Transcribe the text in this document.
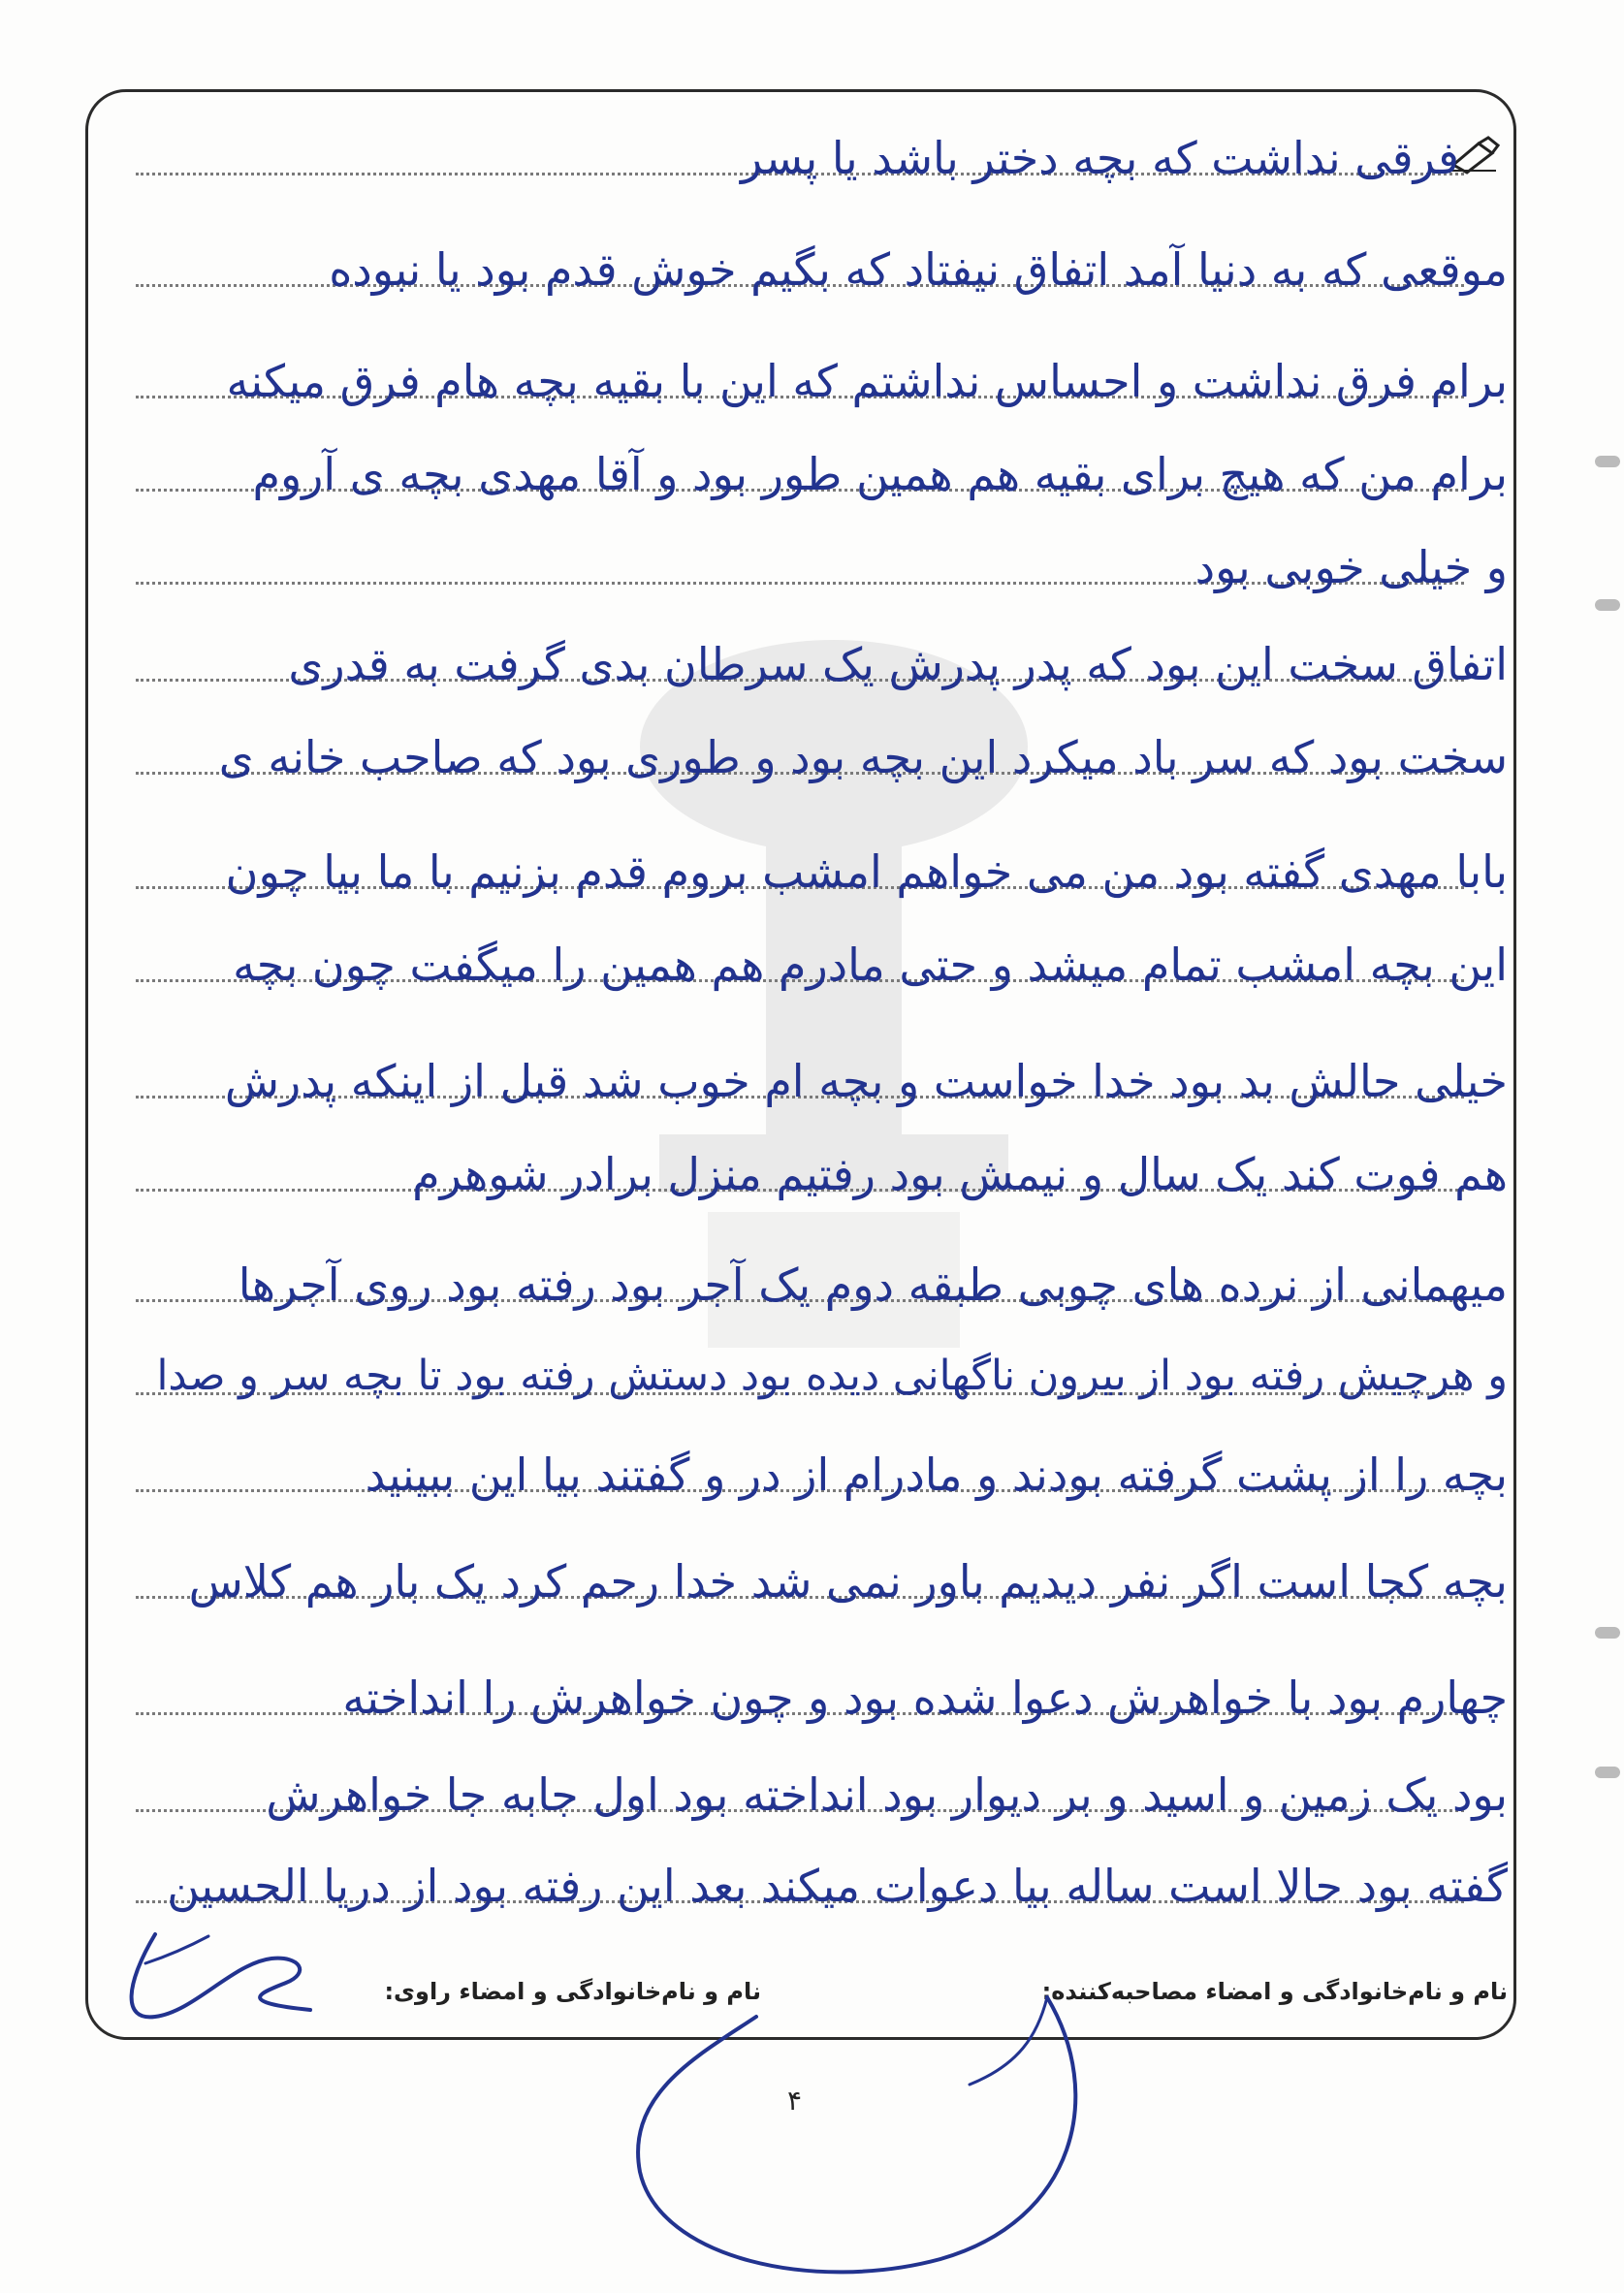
فرقی نداشت که بچه دختر باشد یا پسر
موقعی که به دنیا آمد اتفاق نیفتاد که بگیم خوش قدم بود یا نبوده
برام فرق نداشت و احساس نداشتم که این با بقیه بچه هام فرق میکنه
برام من که هیچ برای بقیه هم همین طور بود و آقا مهدی بچه ی آروم
و خیلی خوبی بود
اتفاق سخت این بود که پدر پدرش یک سرطان بدی گرفت به قدری
سخت بود که سر باد میکرد این بچه بود و طوری بود که صاحب خانه ی
بابا مهدی گفته بود من می خواهم امشب بروم قدم بزنیم با ما بیا چون
این بچه امشب تمام میشد و حتی مادرم هم همین را میگفت چون بچه
خیلی حالش بد بود خدا خواست و بچه ام خوب شد قبل از اینکه پدرش
هم فوت کند یک سال و نیمش بود رفتیم منزل برادر شوهرم
میهمانی از نرده های چوبی طبقه دوم یک آجر بود رفته بود روی آجرها
و هرچیش رفته بود از بیرون ناگهانی دیده بود دستش رفته بود تا بچه سر و صدا
بچه را از پشت گرفته بودند و مادرام از در و گفتند بیا این ببینید
بچه کجا است اگر نفر دیدیم باور نمی شد خدا رحم کرد یک بار هم کلاس
چهارم بود با خواهرش دعوا شده بود و چون خواهرش را انداخته
بود یک زمین و اسید و بر دیوار بود انداخته بود اول جابه جا خواهرش
گفته بود حالا است ساله بیا دعوات میکند بعد این رفته بود از دریا الحسین
نام و نام‌خانوادگی و امضاء مصاحبه‌کننده:
نام و نام‌خانوادگی و امضاء راوی:
۴
